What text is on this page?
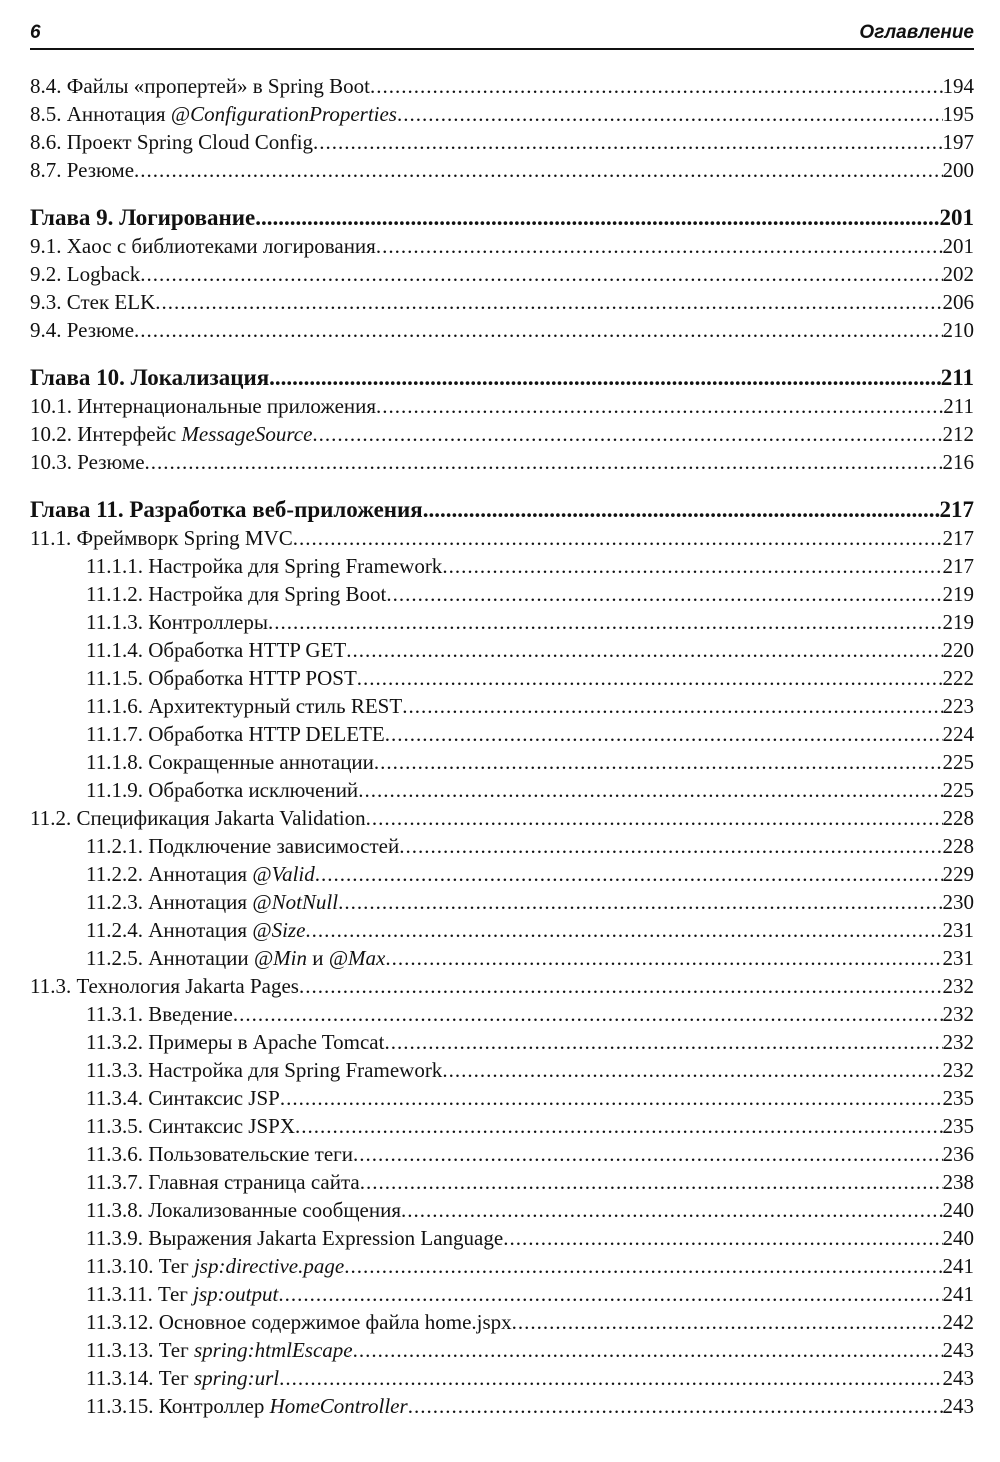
6	Оглавление
8.4. Файлы «пропертей» в Spring Boot .....	194
8.5. Аннотация @ConfigurationProperties .....	195
8.6. Проект Spring Cloud Config .....	197
8.7. Резюме .....	200
Глава 9. Логирование .....	201
9.1. Хаос с библиотеками логирования .....	201
9.2. Logback .....	202
9.3. Стек ELK .....	206
9.4. Резюме .....	210
Глава 10. Локализация .....	211
10.1. Интернациональные приложения .....	211
10.2. Интерфейс MessageSource .....	212
10.3. Резюме .....	216
Глава 11. Разработка веб-приложения .....	217
11.1. Фреймворк Spring MVC .....	217
11.1.1. Настройка для Spring Framework .....	217
11.1.2. Настройка для Spring Boot .....	219
11.1.3. Контроллеры .....	219
11.1.4. Обработка HTTP GET .....	220
11.1.5. Обработка HTTP POST .....	222
11.1.6. Архитектурный стиль REST .....	223
11.1.7. Обработка HTTP DELETE .....	224
11.1.8. Сокращенные аннотации .....	225
11.1.9. Обработка исключений .....	225
11.2. Спецификация Jakarta Validation .....	228
11.2.1. Подключение зависимостей .....	228
11.2.2. Аннотация @Valid .....	229
11.2.3. Аннотация @NotNull .....	230
11.2.4. Аннотация @Size .....	231
11.2.5. Аннотации @Min и @Max .....	231
11.3. Технология Jakarta Pages .....	232
11.3.1. Введение .....	232
11.3.2. Примеры в Apache Tomcat .....	232
11.3.3. Настройка для Spring Framework .....	232
11.3.4. Синтаксис JSP .....	235
11.3.5. Синтаксис JSPX .....	235
11.3.6. Пользовательские теги .....	236
11.3.7. Главная страница сайта .....	238
11.3.8. Локализованные сообщения .....	240
11.3.9. Выражения Jakarta Expression Language .....	240
11.3.10. Тег jsp:directive.page .....	241
11.3.11. Тег jsp:output .....	241
11.3.12. Основное содержимое файла home.jspx .....	242
11.3.13. Тег spring:htmlEscape .....	243
11.3.14. Тег spring:url .....	243
11.3.15. Контроллер HomeController .....	243
